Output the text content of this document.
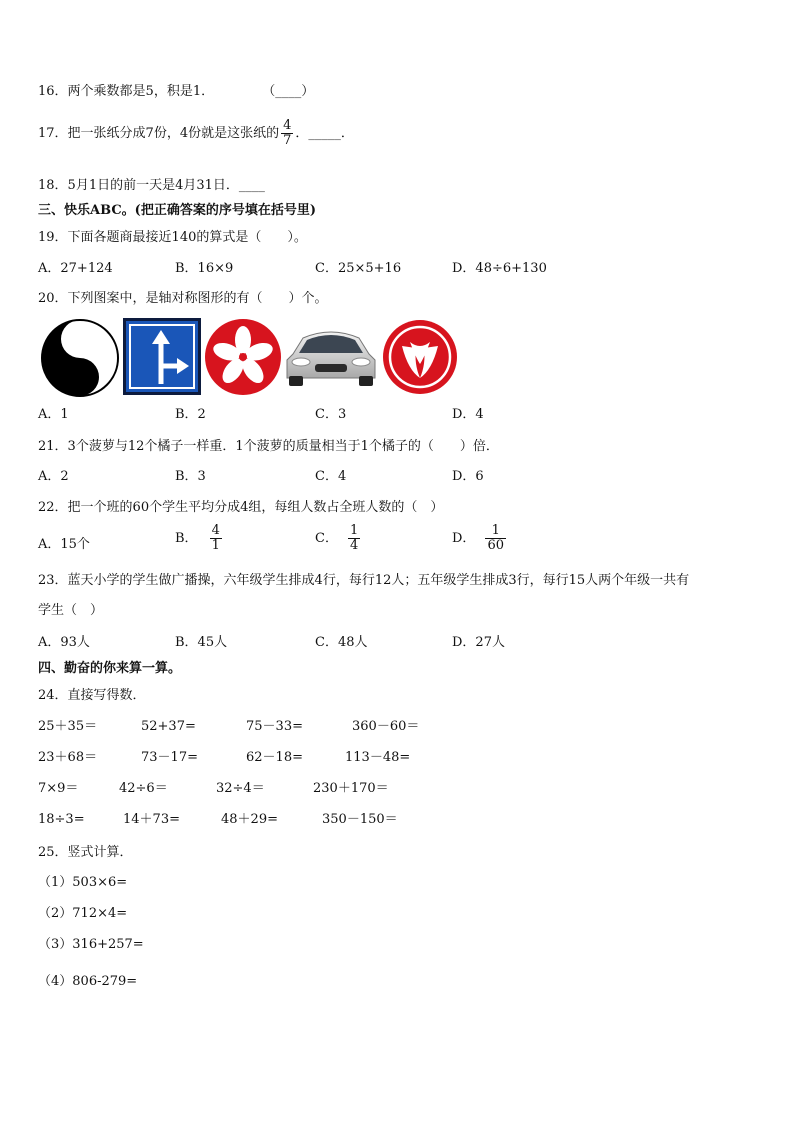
16．两个乘数都是5，积是1．	（____）
17．把一张纸分成7份，4份就是这张纸的 $\frac{4}{7}$ ．_____．
18．5月1日的前一天是4月31日．____
三、快乐ABC。(把正确答案的序号填在括号里)
19．下面各题商最接近140的算式是（　　）。
A．27+124	B．16×9	C．25×5+16	D．48÷6+130
20．下列图案中，是轴对称图形的有（　　）个。
A．1	B．2	C．3	D．4
21．3个菠萝与12个橘子一样重．1个菠萝的质量相当于1个橘子的（　　）倍．
A．2	B．3	C．4	D．6
22．把一个班的60个学生平均分成4组，每组人数占全班人数的（　）
A．15个	B． $\frac{4}{1}$	C． $\frac{1}{4}$	D． $\frac{1}{60}$
23．蓝天小学的学生做广播操，六年级学生排成4行，每行12人；五年级学生排成3行，每行15人两个年级一共有
学生（　）
A．93人	B．45人	C．48人	D．27人
四、勤奋的你来算一算。
24．直接写得数．
25＋35＝	52+37=	75－33=	360－60＝
23＋68＝	73－17=	62－18=	113－48=
7×9＝	42÷6＝	32÷4＝	230＋170＝
18÷3=	14＋73=	48＋29=	350－150＝
25．竖式计算．
（1）503×6=
（2）712×4=
（3）316+257=
（4）806-279=
